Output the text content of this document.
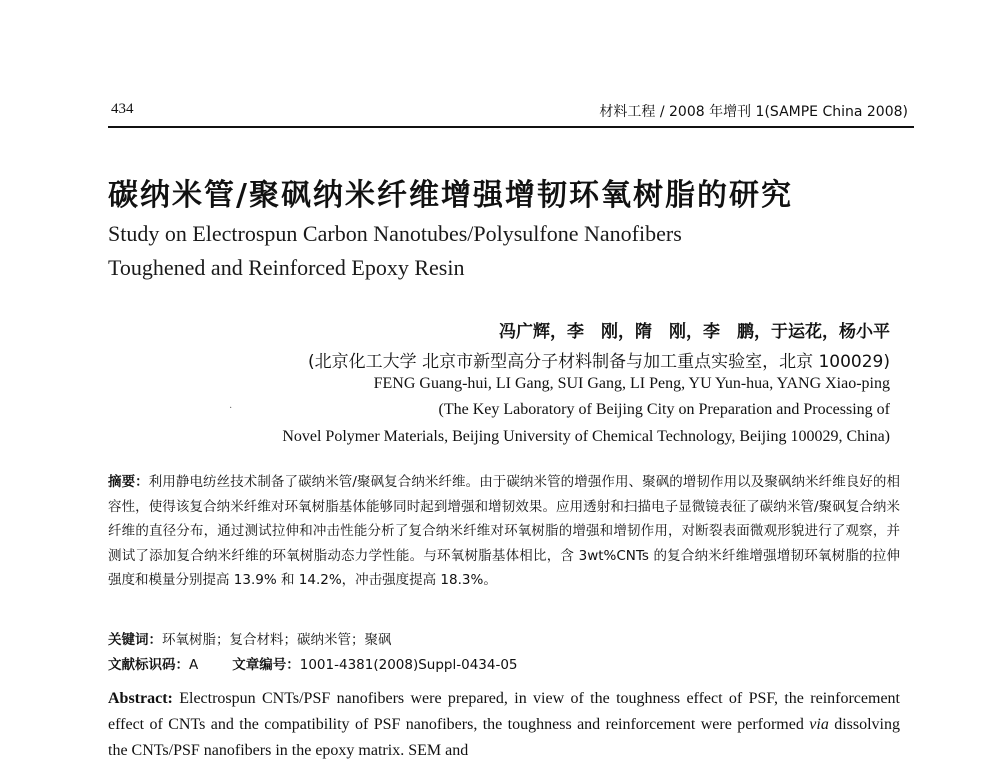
434	材料工程 / 2008 年增刊 1(SAMPE China 2008)
碳纳米管/聚砜纳米纤维增强增韧环氧树脂的研究
Study on Electrospun Carbon Nanotubes/Polysulfone Nanofibers
Toughened and Reinforced Epoxy Resin
冯广辉，李　刚，隋　刚，李　鹏，于运花，杨小平
(北京化工大学 北京市新型高分子材料制备与加工重点实验室，北京 100029)
FENG Guang-hui, LI Gang, SUI Gang, LI Peng, YU Yun-hua, YANG Xiao-ping
·	(The Key Laboratory of Beijing City on Preparation and Processing of
Novel Polymer Materials, Beijing University of Chemical Technology, Beijing 100029, China)
摘要：利用静电纺丝技术制备了碳纳米管/聚砜复合纳米纤维。由于碳纳米管的增强作用、聚砜的增韧作用以及聚砜纳米纤维良好的相容性，使得该复合纳米纤维对环氧树脂基体能够同时起到增强和增韧效果。应用透射和扫描电子显微镜表征了碳纳米管/聚砜复合纳米纤维的直径分布，通过测试拉伸和冲击性能分析了复合纳米纤维对环氧树脂的增强和增韧作用，对断裂表面微观形貌进行了观察，并测试了添加复合纳米纤维的环氧树脂动态力学性能。与环氧树脂基体相比，含 3wt%CNTs 的复合纳米纤维增强增韧环氧树脂的拉伸强度和模量分别提高 13.9% 和 14.2%，冲击强度提高 18.3%。
关键词：环氧树脂；复合材料；碳纳米管；聚砜
文献标识码：A	文章编号：1001-4381(2008)Suppl-0434-05
Abstract: Electrospun CNTs/PSF nanofibers were prepared, in view of the toughness effect of PSF, the reinforcement effect of CNTs and the compatibility of PSF nanofibers, the toughness and reinforcement were performed via dissolving the CNTs/PSF nanofibers in the epoxy matrix. SEM and
